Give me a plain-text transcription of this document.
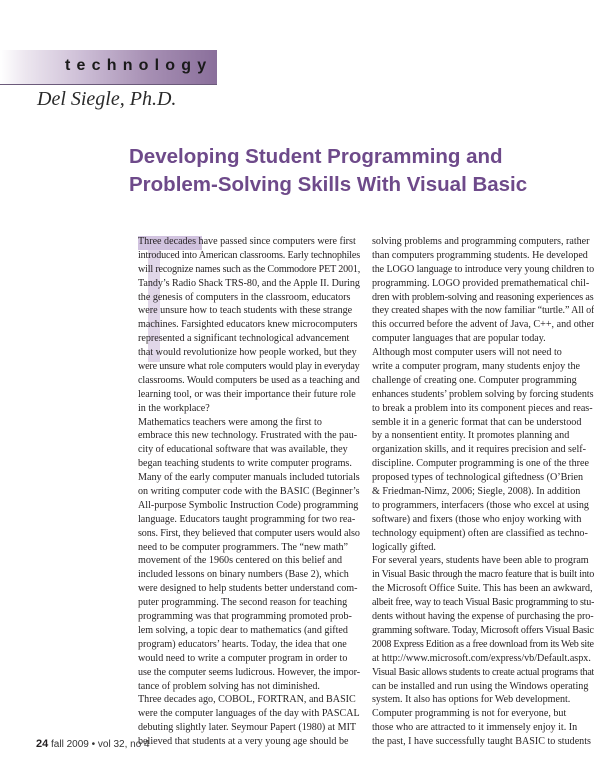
technology
Del Siegle, Ph.D.
Developing Student Programming and
Problem-Solving Skills With Visual Basic
Three decades have passed since computers were first
introduced into American classrooms. Early technophiles
will recognize names such as the Commodore PET 2001,
Tandy’s Radio Shack TRS-80, and the Apple II. During
the genesis of computers in the classroom, educators
were unsure how to teach students with these strange
machines. Farsighted educators knew microcomputers
represented a significant technological advancement
that would revolutionize how people worked, but they
were unsure what role computers would play in everyday
classrooms. Would computers be used as a teaching and
learning tool, or was their importance their future role
in the workplace?
Mathematics teachers were among the first to
embrace this new technology. Frustrated with the pau-
city of educational software that was available, they
began teaching students to write computer programs.
Many of the early computer manuals included tutorials
on writing computer code with the BASIC (Beginner’s
All-purpose Symbolic Instruction Code) programming
language. Educators taught programming for two rea-
sons. First, they believed that computer users would also
need to be computer programmers. The “new math”
movement of the 1960s centered on this belief and
included lessons on binary numbers (Base 2), which
were designed to help students better understand com-
puter programming. The second reason for teaching
programming was that programming promoted prob-
lem solving, a topic dear to mathematics (and gifted
program) educators’ hearts. Today, the idea that one
would need to write a computer program in order to
use the computer seems ludicrous. However, the impor-
tance of problem solving has not diminished.
Three decades ago, COBOL, FORTRAN, and BASIC
were the computer languages of the day with PASCAL
debuting slightly later. Seymour Papert (1980) at MIT
believed that students at a very young age should be
solving problems and programming computers, rather
than computers programming students. He developed
the LOGO language to introduce very young children to
programming. LOGO provided premathematical chil-
dren with problem-solving and reasoning experiences as
they created shapes with the now familiar “turtle.” All of
this occurred before the advent of Java, C++, and other
computer languages that are popular today.
Although most computer users will not need to
write a computer program, many students enjoy the
challenge of creating one. Computer programming
enhances students’ problem solving by forcing students
to break a problem into its component pieces and reas-
semble it in a generic format that can be understood
by a nonsentient entity. It promotes planning and
organization skills, and it requires precision and self-
discipline. Computer programming is one of the three
proposed types of technological giftedness (O’Brien
& Friedman-Nimz, 2006; Siegle, 2008). In addition
to programmers, interfacers (those who excel at using
software) and fixers (those who enjoy working with
technology equipment) often are classified as techno-
logically gifted.
For several years, students have been able to program
in Visual Basic through the macro feature that is built into
the Microsoft Office Suite. This has been an awkward,
albeit free, way to teach Visual Basic programming to stu-
dents without having the expense of purchasing the pro-
gramming software. Today, Microsoft offers Visual Basic
2008 Express Edition as a free download from its Web site
at http://www.microsoft.com/express/vb/Default.aspx.
Visual Basic allows students to create actual programs that
can be installed and run using the Windows operating
system. It also has options for Web development.
Computer programming is not for everyone, but
those who are attracted to it immensely enjoy it. In
the past, I have successfully taught BASIC to students
24 fall 2009 • vol 32, no 4
